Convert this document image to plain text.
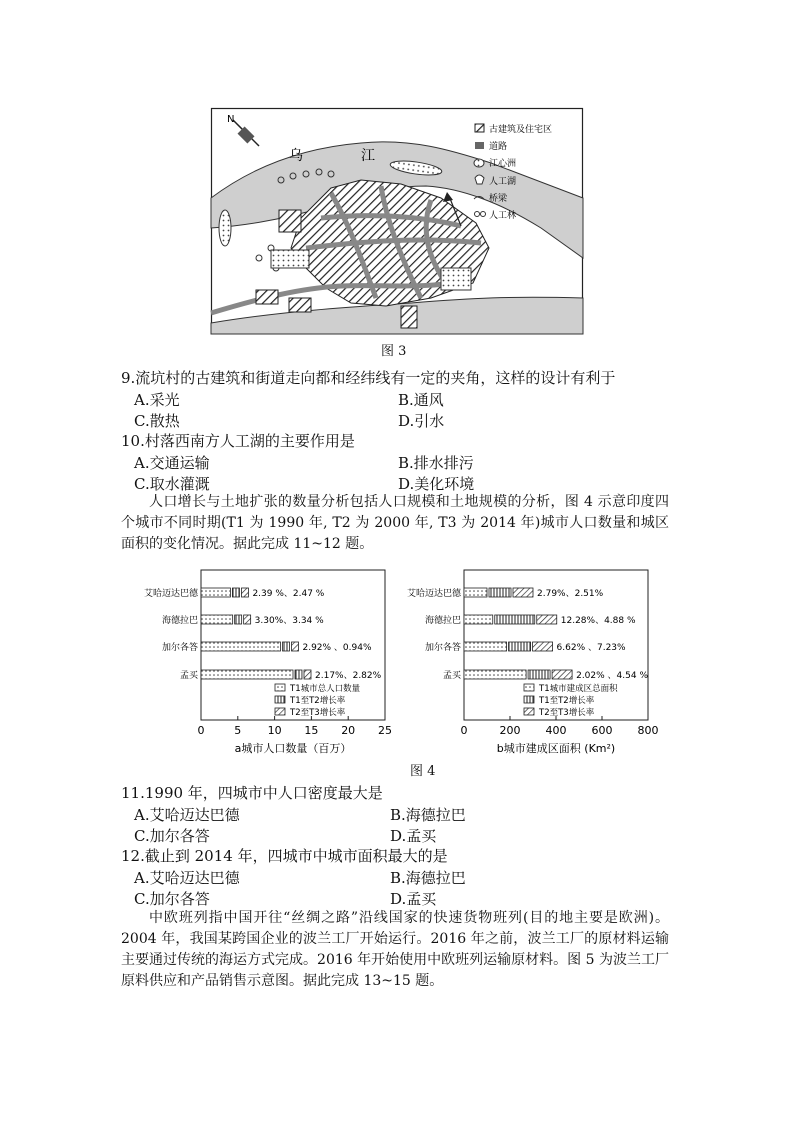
N
乌	江
古建筑及住宅区
道路
江心洲
人工湖
桥梁
人工林
图 3
9.流坑村的古建筑和街道走向都和经纬线有一定的夹角，这样的设计有利于
A.采光	B.通风
C.散热	D.引水
10.村落西南方人工湖的主要作用是
A.交通运输	B.排水排污
C.取水灌溉	D.美化环境
人口增长与土地扩张的数量分析包括人口规模和土地规模的分析，图 4 示意印度四个城市不同时期(T1 为 1990 年, T2 为 2000 年, T3 为 2014 年)城市人口数量和城区面积的变化情况。据此完成 11~12 题。
0	5 10 15 20 25
艾哈迈达巴德	2.39 %、2.47 %
海德拉巴	3.30%、3.34 %
加尔各答	2.92% 、0.94%
孟买	2.17%、2.82%
T1城市总人口数量
T1至T2增长率
T2至T3增长率
a城市人口数量（百万）
0	200 400 600 800
艾哈迈达巴德	2.79%、2.51%
海德拉巴	12.28%、4.88 %
加尔各答	6.62% 、7.23%
孟买	2.02% 、4.54 %
T1城市建成区总面积
T1至T2增长率
T2至T3增长率
b城市建成区面积 (Km²)
图 4
11.1990 年，四城市中人口密度最大是
A.艾哈迈达巴德	B.海德拉巴
C.加尔各答	D.孟买
12.截止到 2014 年，四城市中城市面积最大的是
A.艾哈迈达巴德	B.海德拉巴
C.加尔各答	D.孟买
中欧班列指中国开往“丝绸之路”沿线国家的快速货物班列(目的地主要是欧洲)。2004 年，我国某跨国企业的波兰工厂开始运行。2016 年之前，波兰工厂的原材料运输主要通过传统的海运方式完成。2016 年开始使用中欧班列运输原材料。图 5 为波兰工厂原料供应和产品销售示意图。据此完成 13~15 题。
